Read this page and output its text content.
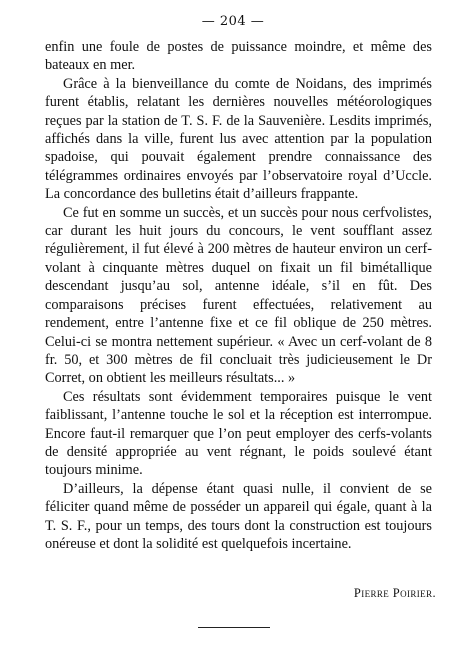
— 204 —

enfin une foule de postes de puissance moindre, et même des bateaux en mer.

Grâce à la bienveillance du comte de Noidans, des imprimés furent établis, relatant les dernières nouvelles météorologiques reçues par la station de T. S. F. de la Sauvenière. Lesdits imprimés, affichés dans la ville, furent lus avec attention par la population spadoise, qui pouvait également prendre connaissance des télégrammes ordinaires envoyés par l’observatoire royal d’Uccle. La concordance des bulletins était d’ailleurs frappante.

Ce fut en somme un succès, et un succès pour nous cerfvolistes, car durant les huit jours du concours, le vent soufflant assez régulièrement, il fut élevé à 200 mètres de hauteur environ un cerf-volant à cinquante mètres duquel on fixait un fil bimétallique descendant jusqu’au sol, antenne idéale, s’il en fût. Des comparaisons précises furent effectuées, relativement au rendement, entre l’antenne fixe et ce fil oblique de 250 mètres. Celui-ci se montra nettement supérieur. « Avec un cerf-volant de 8 fr. 50, et 300 mètres de fil concluait très judicieusement le Dr Corret, on obtient les meilleurs résultats... »

Ces résultats sont évidemment temporaires puisque le vent faiblissant, l’antenne touche le sol et la réception est interrompue. Encore faut-il remarquer que l’on peut employer des cerfs-volants de densité appropriée au vent régnant, le poids soulevé étant toujours minime.

D’ailleurs, la dépense étant quasi nulle, il convient de se féliciter quand même de posséder un appareil qui égale, quant à la T. S. F., pour un temps, des tours dont la construction est toujours onéreuse et dont la solidité est quelquefois incertaine.

Pierre Poirier.
